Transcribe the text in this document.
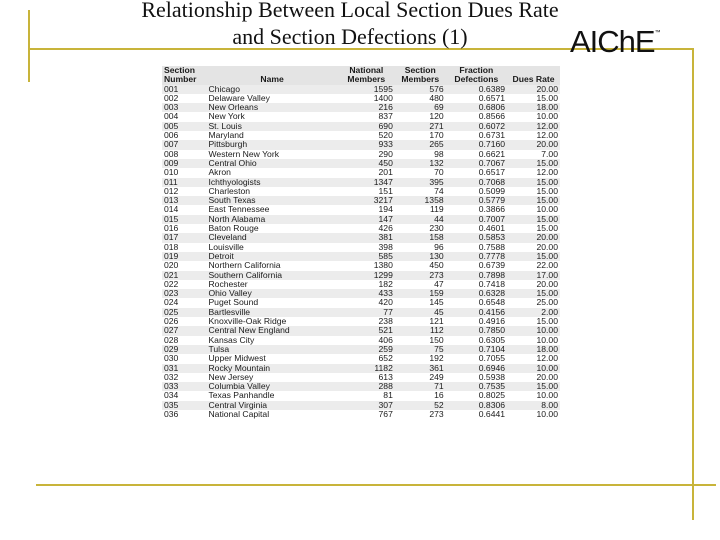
Relationship Between Local Section Dues Rate
and Section Defections (1)	AIChE™
Section		National	Section	Fraction	
Number	Name	Members	Members	Defections	Dues Rate
001	Chicago	1595	576	0.6389	20.00
002	Delaware Valley	1400	480	0.6571	15.00
003	New Orleans	216	69	0.6806	18.00
004	New York	837	120	0.8566	10.00
005	St. Louis	690	271	0.6072	12.00
006	Maryland	520	170	0.6731	12.00
007	Pittsburgh	933	265	0.7160	20.00
008	Western New York	290	98	0.6621	7.00
009	Central Ohio	450	132	0.7067	15.00
010	Akron	201	70	0.6517	12.00
011	Ichthyologists	1347	395	0.7068	15.00
012	Charleston	151	74	0.5099	15.00
013	South Texas	3217	1358	0.5779	15.00
014	East Tennessee	194	119	0.3866	10.00
015	North Alabama	147	44	0.7007	15.00
016	Baton Rouge	426	230	0.4601	15.00
017	Cleveland	381	158	0.5853	20.00
018	Louisville	398	96	0.7588	20.00
019	Detroit	585	130	0.7778	15.00
020	Northern California	1380	450	0.6739	22.00
021	Southern California	1299	273	0.7898	17.00
022	Rochester	182	47	0.7418	20.00
023	Ohio Valley	433	159	0.6328	15.00
024	Puget Sound	420	145	0.6548	25.00
025	Bartlesville	77	45	0.4156	2.00
026	Knoxville-Oak Ridge	238	121	0.4916	15.00
027	Central New England	521	112	0.7850	10.00
028	Kansas City	406	150	0.6305	10.00
029	Tulsa	259	75	0.7104	18.00
030	Upper Midwest	652	192	0.7055	12.00
031	Rocky Mountain	1182	361	0.6946	10.00
032	New Jersey	613	249	0.5938	20.00
033	Columbia Valley	288	71	0.7535	15.00
034	Texas Panhandle	81	16	0.8025	10.00
035	Central Virginia	307	52	0.8306	8.00
036	National Capital	767	273	0.6441	10.00
